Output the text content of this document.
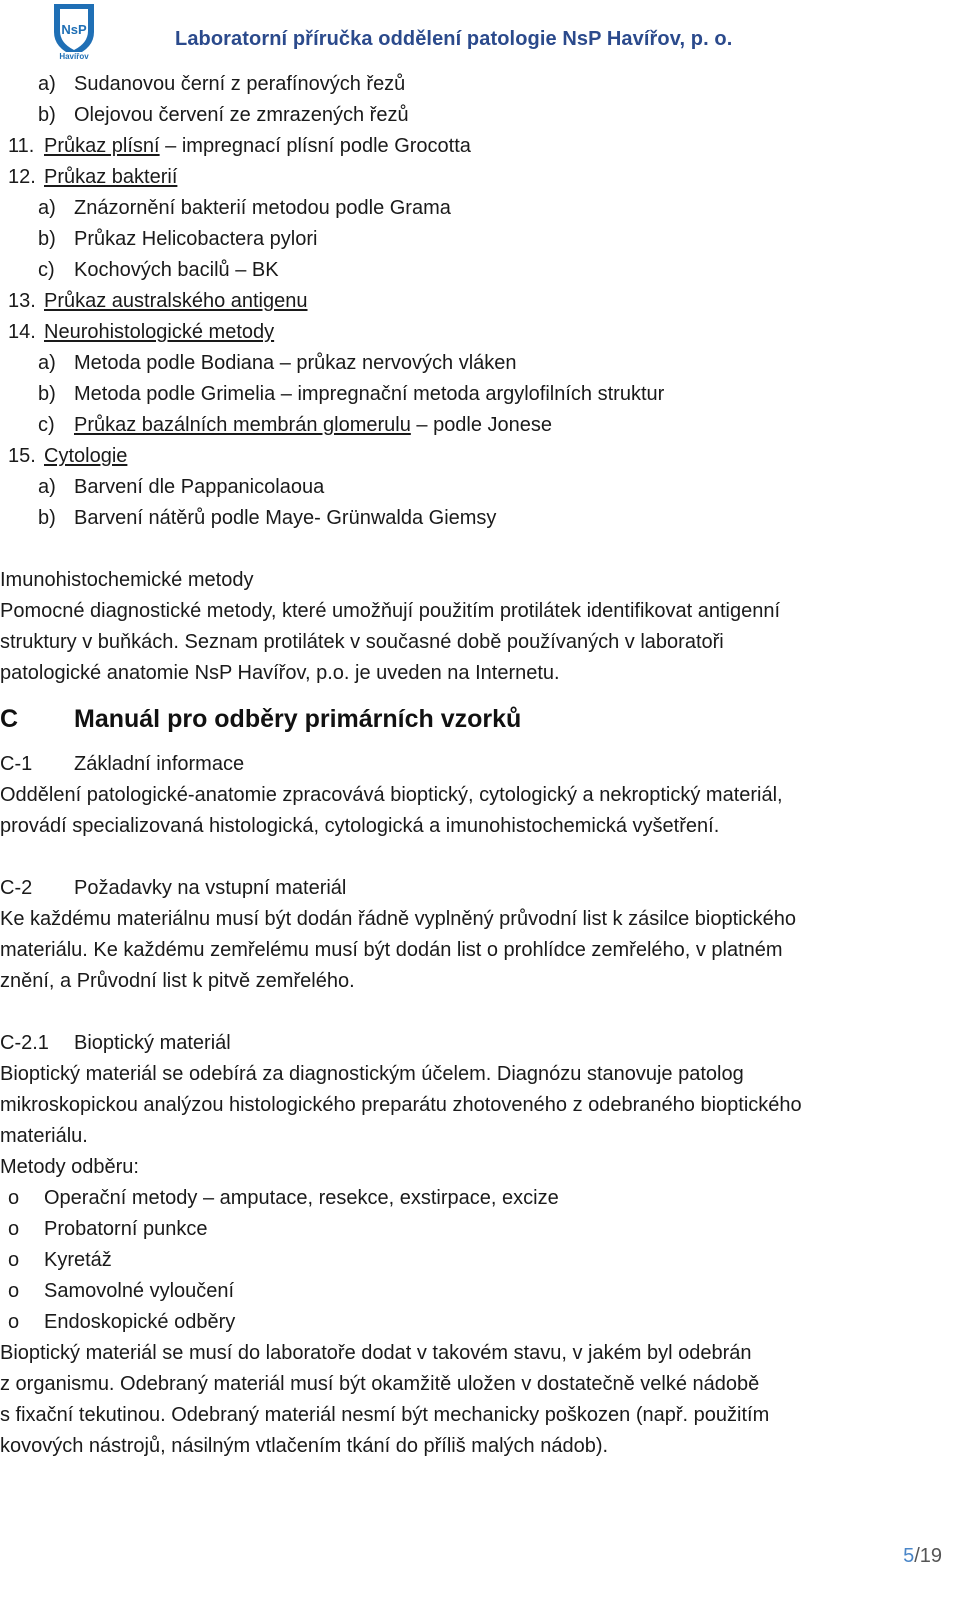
NsP
Havířov
Laboratorní příručka oddělení patologie NsP Havířov, p. o.
a) Sudanovou černí z perafínových řezů
b) Olejovou červení ze zmrazených řezů
11. Průkaz plísní – impregnací plísní podle Grocotta
12. Průkaz bakterií
a) Znázornění bakterií metodou podle Grama
b) Průkaz Helicobactera pylori
c) Kochových bacilů – BK
13. Průkaz australského antigenu
14. Neurohistologické metody
a) Metoda podle Bodiana – průkaz nervových vláken
b) Metoda podle Grimelia – impregnační metoda argylofilních struktur
c) Průkaz bazálních membrán glomerulu – podle Jonese
15. Cytologie
a) Barvení dle Pappanicolaoua
b) Barvení nátěrů podle Maye- Grünwalda Giemsy
Imunohistochemické metody
Pomocné diagnostické metody, které umožňují použitím protilátek identifikovat antigenní
struktury v buňkách. Seznam protilátek v současné době používaných v laboratoři
patologické anatomie NsP Havířov, p.o. je uveden na Internetu.
C Manuál pro odběry primárních vzorků
C-1 Základní informace
Oddělení patologické-anatomie zpracovává bioptický, cytologický a nekroptický materiál,
provádí specializovaná histologická, cytologická a imunohistochemická vyšetření.
C-2 Požadavky na vstupní materiál
Ke každému materiálnu musí být dodán řádně vyplněný průvodní list k zásilce bioptického
materiálu. Ke každému zemřelému musí být dodán list o prohlídce zemřelého, v platném
znění, a Průvodní list k pitvě zemřelého.
C-2.1 Bioptický materiál
Bioptický materiál se odebírá za diagnostickým účelem. Diagnózu stanovuje patolog
mikroskopickou analýzou histologického preparátu zhotoveného z odebraného bioptického
materiálu.
Metody odběru:
o Operační metody – amputace, resekce, exstirpace, excize
o Probatorní punkce
o Kyretáž
o Samovolné vyloučení
o Endoskopické odběry
Bioptický materiál se musí do laboratoře dodat v takovém stavu, v jakém byl odebrán
z organismu. Odebraný materiál musí být okamžitě uložen v dostatečně velké nádobě
s fixační tekutinou. Odebraný materiál nesmí být mechanicky poškozen (např. použitím
kovových nástrojů, násilným vtlačením tkání do příliš malých nádob).
5/19
